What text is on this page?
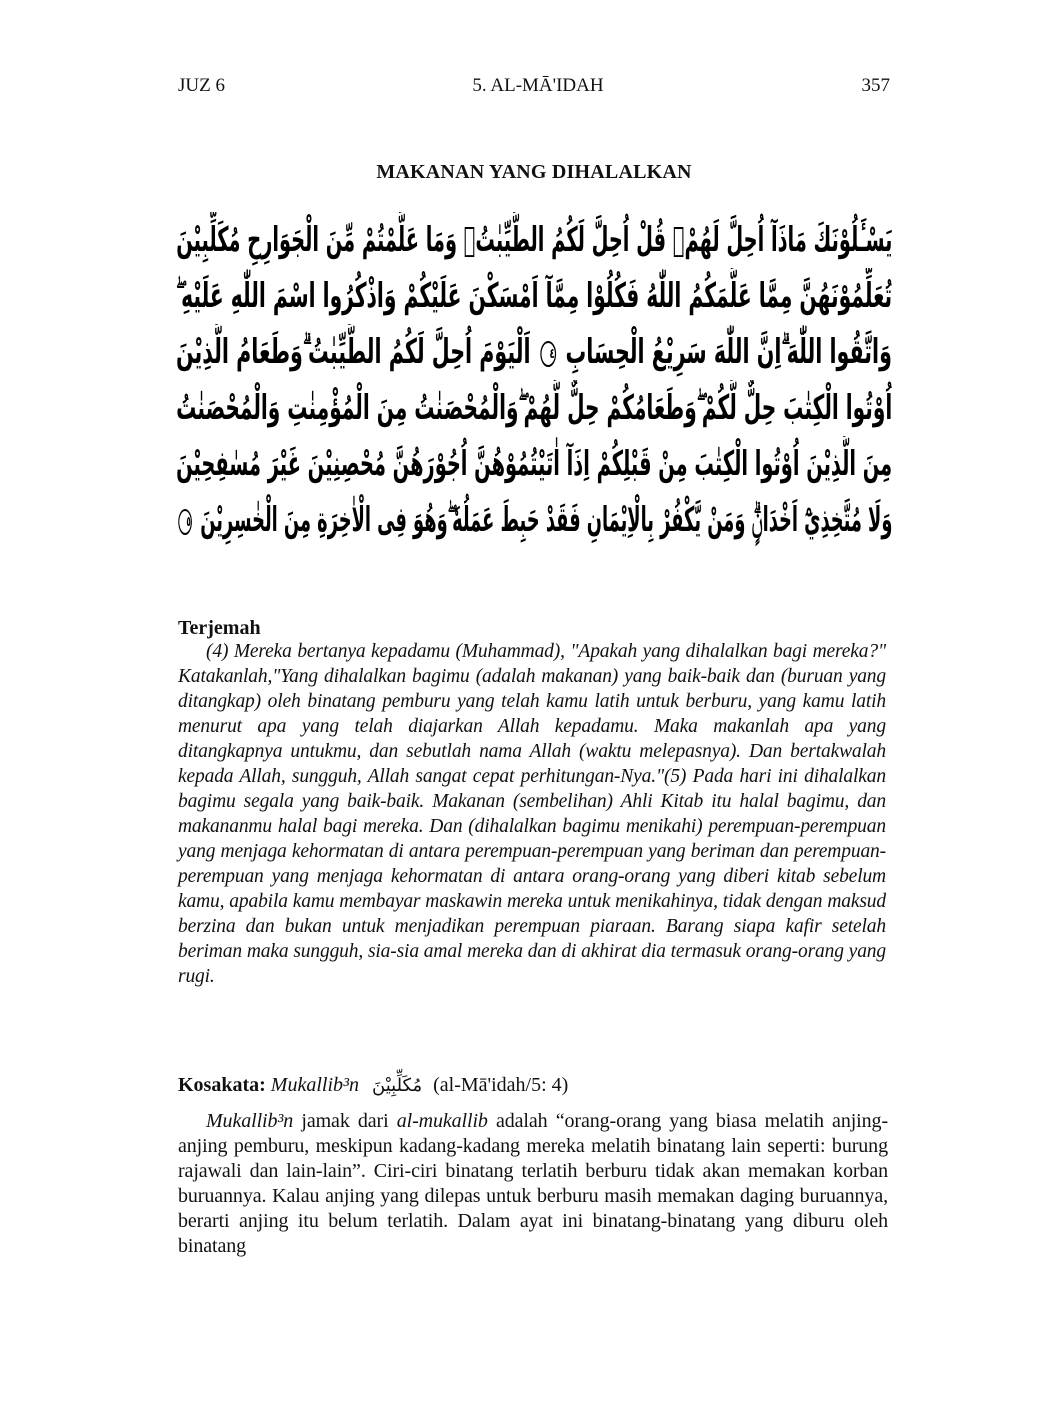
JUZ 6	5. AL-MĀ'IDAH	357
MAKANAN YANG DIHALALKAN
يَسْـَٔلُوْنَكَ مَاذَآ اُحِلَّ لَهُمْۗ قُلْ اُحِلَّ لَكُمُ الطَّيِّبٰتُۙ وَمَا عَلَّمْتُمْ مِّنَ الْجَوَارِحِ مُكَلِّبِيْنَ
تُعَلِّمُوْنَهُنَّ مِمَّا عَلَّمَكُمُ اللّٰهُ فَكُلُوْا مِمَّآ اَمْسَكْنَ عَلَيْكُمْ وَاذْكُرُوا اسْمَ اللّٰهِ عَلَيْهِ ۖ
وَاتَّقُوا اللّٰهَ ۗاِنَّ اللّٰهَ سَرِيْعُ الْحِسَابِ ٤ اَلْيَوْمَ اُحِلَّ لَكُمُ الطَّيِّبٰتُ ۗوَطَعَامُ الَّذِيْنَ
اُوْتُوا الْكِتٰبَ حِلٌّ لَّكُمْ ۖوَطَعَامُكُمْ حِلٌّ لَّهُمْ ۖوَالْمُحْصَنٰتُ مِنَ الْمُؤْمِنٰتِ وَالْمُحْصَنٰتُ
مِنَ الَّذِيْنَ اُوْتُوا الْكِتٰبَ مِنْ قَبْلِكُمْ اِذَآ اٰتَيْتُمُوْهُنَّ اُجُوْرَهُنَّ مُحْصِنِيْنَ غَيْرَ مُسٰفِحِيْنَ
وَلَا مُتَّخِذِيْٓ اَخْدَانٍۗ وَمَنْ يَّكْفُرْ بِالْاِيْمَانِ فَقَدْ حَبِطَ عَمَلُهٗ ۖوَهُوَ فِى الْاٰخِرَةِ مِنَ الْخٰسِرِيْنَ ٥
Terjemah

(4) Mereka bertanya kepadamu (Muhammad), "Apakah yang dihalalkan bagi mereka?" Katakanlah,"Yang dihalalkan bagimu (adalah makanan) yang baik-baik dan (buruan yang ditangkap) oleh binatang pemburu yang telah kamu latih untuk berburu, yang kamu latih menurut apa yang telah diajarkan Allah kepadamu. Maka makanlah apa yang ditangkapnya untukmu, dan sebutlah nama Allah (waktu melepasnya). Dan bertakwalah kepada Allah, sungguh, Allah sangat cepat perhitungan-Nya."(5) Pada hari ini dihalalkan bagimu segala yang baik-baik. Makanan (sembelihan) Ahli Kitab itu halal bagimu, dan makananmu halal bagi mereka. Dan (dihalalkan bagimu menikahi) perempuan-perempuan yang menjaga kehormatan di antara perempuan-perempuan yang beriman dan perempuan-perempuan yang menjaga kehormatan di antara orang-orang yang diberi kitab sebelum kamu, apabila kamu membayar maskawin mereka untuk menikahinya, tidak dengan maksud berzina dan bukan untuk menjadikan perempuan piaraan. Barang siapa kafir setelah beriman maka sungguh, sia-sia amal mereka dan di akhirat dia termasuk orang-orang yang rugi.

Kosakata: Mukallib³n مُكَلِّبِيْنَ (al-Mā'idah/5: 4)

Mukallib³n jamak dari al-mukallib adalah “orang-orang yang biasa melatih anjing-anjing pemburu, meskipun kadang-kadang mereka melatih binatang lain seperti: burung rajawali dan lain-lain”. Ciri-ciri binatang terlatih berburu tidak akan memakan korban buruannya. Kalau anjing yang dilepas untuk berburu masih memakan daging buruannya, berarti anjing itu belum terlatih. Dalam ayat ini binatang-binatang yang diburu oleh binatang
